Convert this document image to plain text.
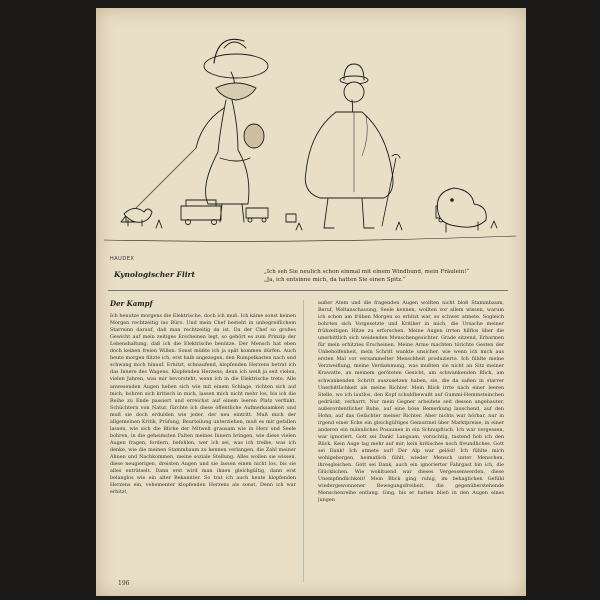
HAUDEX
Kynologischer Flirt	„Ich seh Sie neulich schon einmal mit einem Windhund, mein Fräulein!“
„Ja, ich entsinne mich, da hatten Sie einen Spitz.“
Der Kampf

Ich benutze morgens die Elektrische, doch ich muß. Ich käme sonst keinen Morgen rechtzeitig ins Büro. Und mein Chef besteht in unbegreiflichem Starrsinn darauf, daß man rechtzeitig da ist. Da der Chef so großes Gewicht auf mein zeitiges Erscheinen legt, so gehört es zum Prinzip der Lebenshaltung, daß ich die Elektrische benütze. Der Mensch hat eben doch keinen freien Willen. Sonst müßte ich ja spät kommen dürfen. Auch heute morgen flitzte ich, erst halb angezogen, den Rumpelkasten nach und schwang mich hinauf. Erhitzt, schnaufend, klopfenden Herzens betrat ich das Innere des Wagens. Klopfenden Herzens; denn ich weiß ja seit vielen, vielen Jahren, was mir bevorsteht, wenn ich in die Elektrische trete. Alle anwesenden Augen heben sich wie mit einem Schlage, richten sich auf mich, bohren sich kritisch in mich, lassen mich nicht mehr los, bis ich die Reihe zu Ende passiert und erreichst auf einem leeren Platz verfinkt. Schüchtern von Natur, fürchte ich diese öffentliche Aufmerksamkeit und muß sie doch erdulden wie jeder, der neu eintritt. Muß mich der allgemeinen Kritik, Prüfung, Beurteilung unterziehen, muß es mir gefallen lassen, wie sich die Blicke der Mitwelt grausam wie in Herz und Seele bohren, in die geheimsten Falten meines Innern bringen, wie diese vielen Augen fragen, fordern, befehlen, wer ich sei, was ich treibe, was ich denke, wie die meinen Stammbaum zu kennen verlangen, die Zahl meiner Ahnen und Nachkommen, meine soziale Stellung. Alles wollen sie wissen, diese neugierigen, dreisten Augen und sie lassen einen nicht los, bis sie alles enträtselt. Dann erst wird man ihnen gleichgültig, dann erst belanglos wie ein alter Bekannter. So trat ich auch heute klopfenden Herzens ein, vehementer klopfenden Herzens als sonst. Denn ich war erhitzt,

außer Atem und die fragenden Augen wollten nicht bloß Stammbaum, Beruf, Weltanschauung, Seele kennen, wollten vor allem wissen, warum ich schon am frühen Morgen so erhitzt war, so schwer atmete. Sogleich bohrten sich Vorgesetzte und Kritiker in mich, die Ursache meiner frühzeitigen Hitze zu erforschen. Meine Augen irrten hilflos über die unerbittlich sich weidenden Menschengesichter. Grade sitzend, Erbarmen für mein erhitztes Erscheinen. Meine Arme machten törichte Gesten der Unbeholfenheit, mein Schritt wankte unsicher, wie wenn ich mich aus ersten Mal vor versammelter Menschheit produzierte. Ich fühlte meine Verzweiflung, meine Verdammung, was mußten sie nicht an Sitz meiner Krawatte, an meinem geröteten Gesicht, am schwankenden Blick, am schwankenden Schritt auszusetzen haben, sie, die da saßen in starrer Unerbittlichkeit als meine Richter. Mein Blick irrte nach einer leeren Stelle, wo ich lautlos, den Kopf schuldbewußt auf Gummi-Hemmsteinchen gedrückt, verharrt. Nur mein Gegner arbeitete seit dessen angebauter, außerordentlicher Ruhe, auf eine böse Bemerkung lauschend, auf den Hohn, auf das Gelächter meiner Richter. Aber nichts war hörbar, nur in irgend einer Ecke ein gleichgültiges Gemurmel über Marktpreise, in einer anderen ein männliches Posaunen in ein Schnupftuch. Ich war vergessen, war ignoriert. Gott sei Dank! Langsam, vorsichtig, tastend hob ich den Blick. Kein Auge lag mehr auf mir, kein kritisches noch freundliches. Gott sei Dank! Ich atmete auf! Der Alp war gelöst! Ich fühlte mich wohlgeborgen, heimatlich fühlt, wieder Mensch unter Menschen, ihresgleichen. Gott sei Dank, auch ein ignorierter Fahrgast bin ich, die Glücklichen. Wie wohltuend war dieses Vergessenwerden, diese Unempfindlichkeit! Mein Blick ging ruhig, im behaglichen Gefühl wiedergewonnener Bewegungsfreiheit, die gegenüberstehende Menschenreihe entlang. Ging, bis er hatten blieb in den Augen eines jungen

196
